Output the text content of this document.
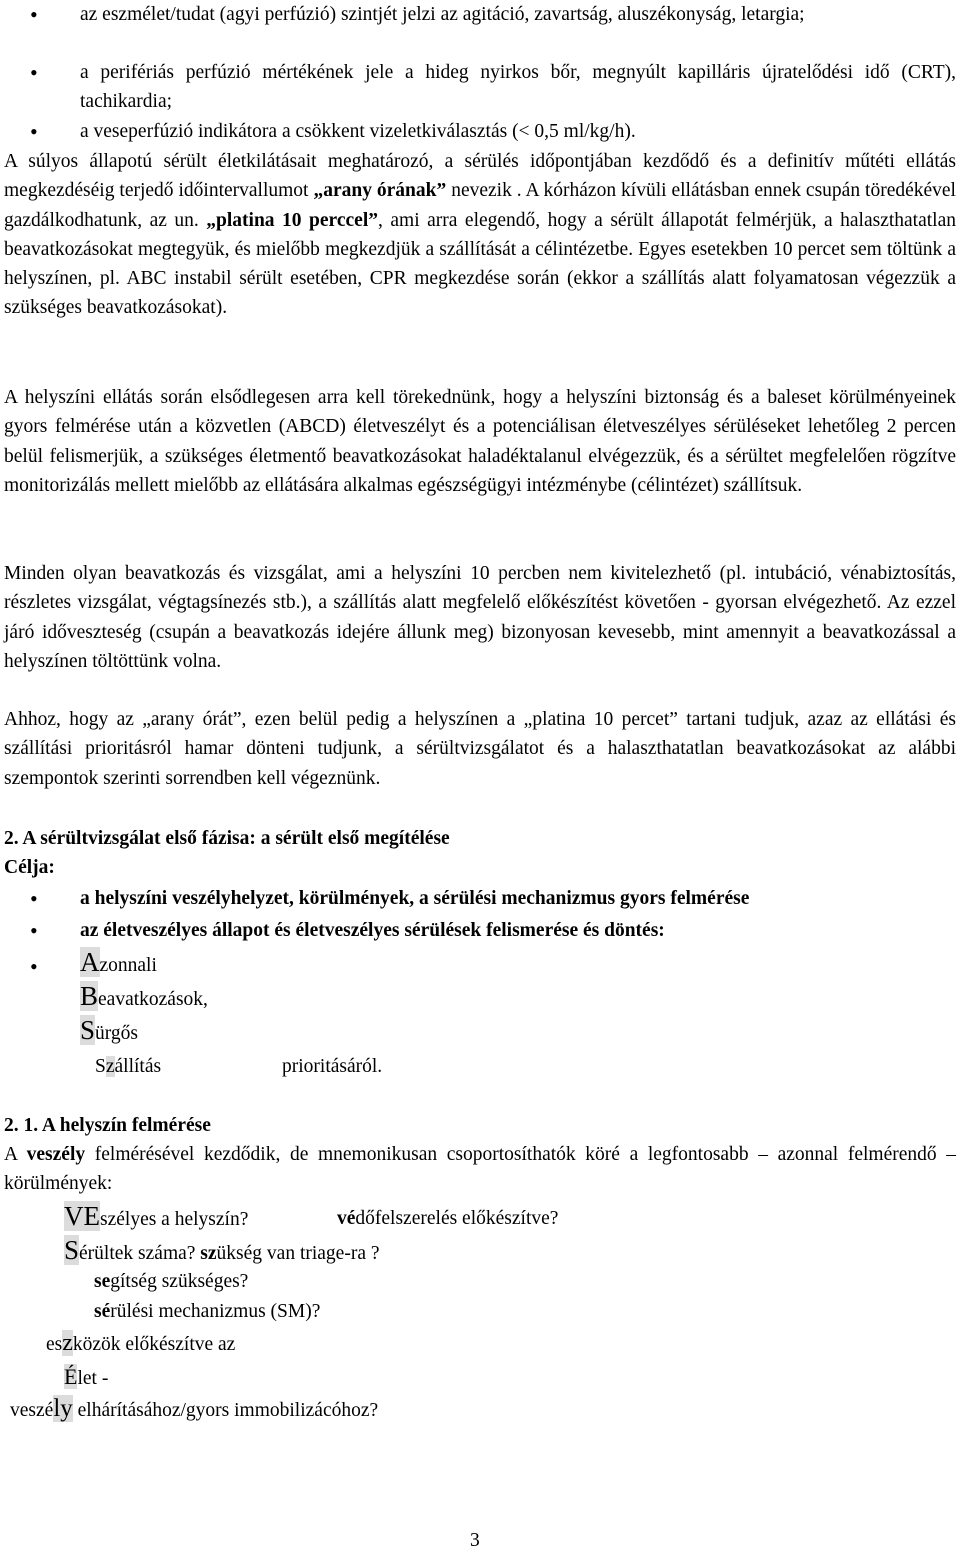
•

az eszmélet/tudat (agyi perfúzió) szintjét jelzi az agitáció, zavartság, aluszékonyság, letargia;

•

a perifériás perfúzió mértékének jele a hideg nyirkos bőr, megnyúlt kapilláris újratelődési idő (CRT), tachikardia;

•

a veseperfúzió indikátora a csökkent vizeletkiválasztás (< 0,5 ml/kg/h).

A súlyos állapotú sérült életkilátásait meghatározó, a sérülés időpontjában kezdődő és a definitív műtéti ellátás megkezdéséig terjedő időintervallumot „arany órának” nevezik . A kórházon kívüli ellátásban ennek csupán töredékével gazdálkodhatunk, az un. „platina 10 perccel”, ami arra elegendő, hogy a sérült állapotát felmérjük, a halaszthatatlan beavatkozásokat megtegyük, és mielőbb megkezdjük a szállítását a célintézetbe. Egyes esetekben 10 percet sem töltünk a helyszínen, pl. ABC instabil sérült esetében, CPR megkezdése során (ekkor a szállítás alatt folyamatosan végezzük a szükséges beavatkozásokat).

A helyszíni ellátás során elsődlegesen arra kell törekednünk, hogy a helyszíni biztonság és a baleset körülményeinek gyors felmérése után a közvetlen (ABCD) életveszélyt és a potenciálisan életveszélyes sérüléseket lehetőleg 2 percen belül felismerjük, a szükséges életmentő beavatkozásokat haladéktalanul elvégezzük, és a sérültet megfelelően rögzítve monitorizálás mellett mielőbb az ellátására alkalmas egészségügyi intézménybe (célintézet) szállítsuk.

Minden olyan beavatkozás és vizsgálat, ami a helyszíni 10 percben nem kivitelezhető (pl. intubáció, vénabiztosítás, részletes vizsgálat, végtagsínezés stb.), a szállítás alatt megfelelő előkészítést követően - gyorsan elvégezhető. Az ezzel járó időveszteség (csupán a beavatkozás idejére állunk meg) bizonyosan kevesebb, mint amennyit a beavatkozással a helyszínen töltöttünk volna.

Ahhoz, hogy az „arany órát”, ezen belül pedig a helyszínen a „platina 10 percet” tartani tudjuk, azaz az ellátási és szállítási prioritásról hamar dönteni tudjunk, a sérültvizsgálatot és a halaszthatatlan beavatkozásokat az alábbi szempontok szerinti sorrendben kell végeznünk.

2. A sérültvizsgálat első fázisa: a sérült első megítélése
Célja:
•
a helyszíni veszélyhelyzet, körülmények, a sérülési mechanizmus gyors felmérése
•
az életveszélyes állapot és életveszélyes sérülések felismerése és döntés:
•
Azonnali
Beavatkozások,
Sürgős
Szállítás	prioritásáról.
2. 1. A helyszín felmérése

A veszély felmérésével kezdődik, de mnemonikusan csoportosíthatók köré a legfontosabb – azonnal felmérendő – körülmények:

VEszélyes a helyszín?	védőfelszerelés előkészítve?
Sérültek száma? szükség van triage-ra ?
segítség szükséges?
sérülési mechanizmus (SM)?
eszközök előkészítve az
Élet -
veszély elhárításához/gyors immobilizácóhoz?
3
